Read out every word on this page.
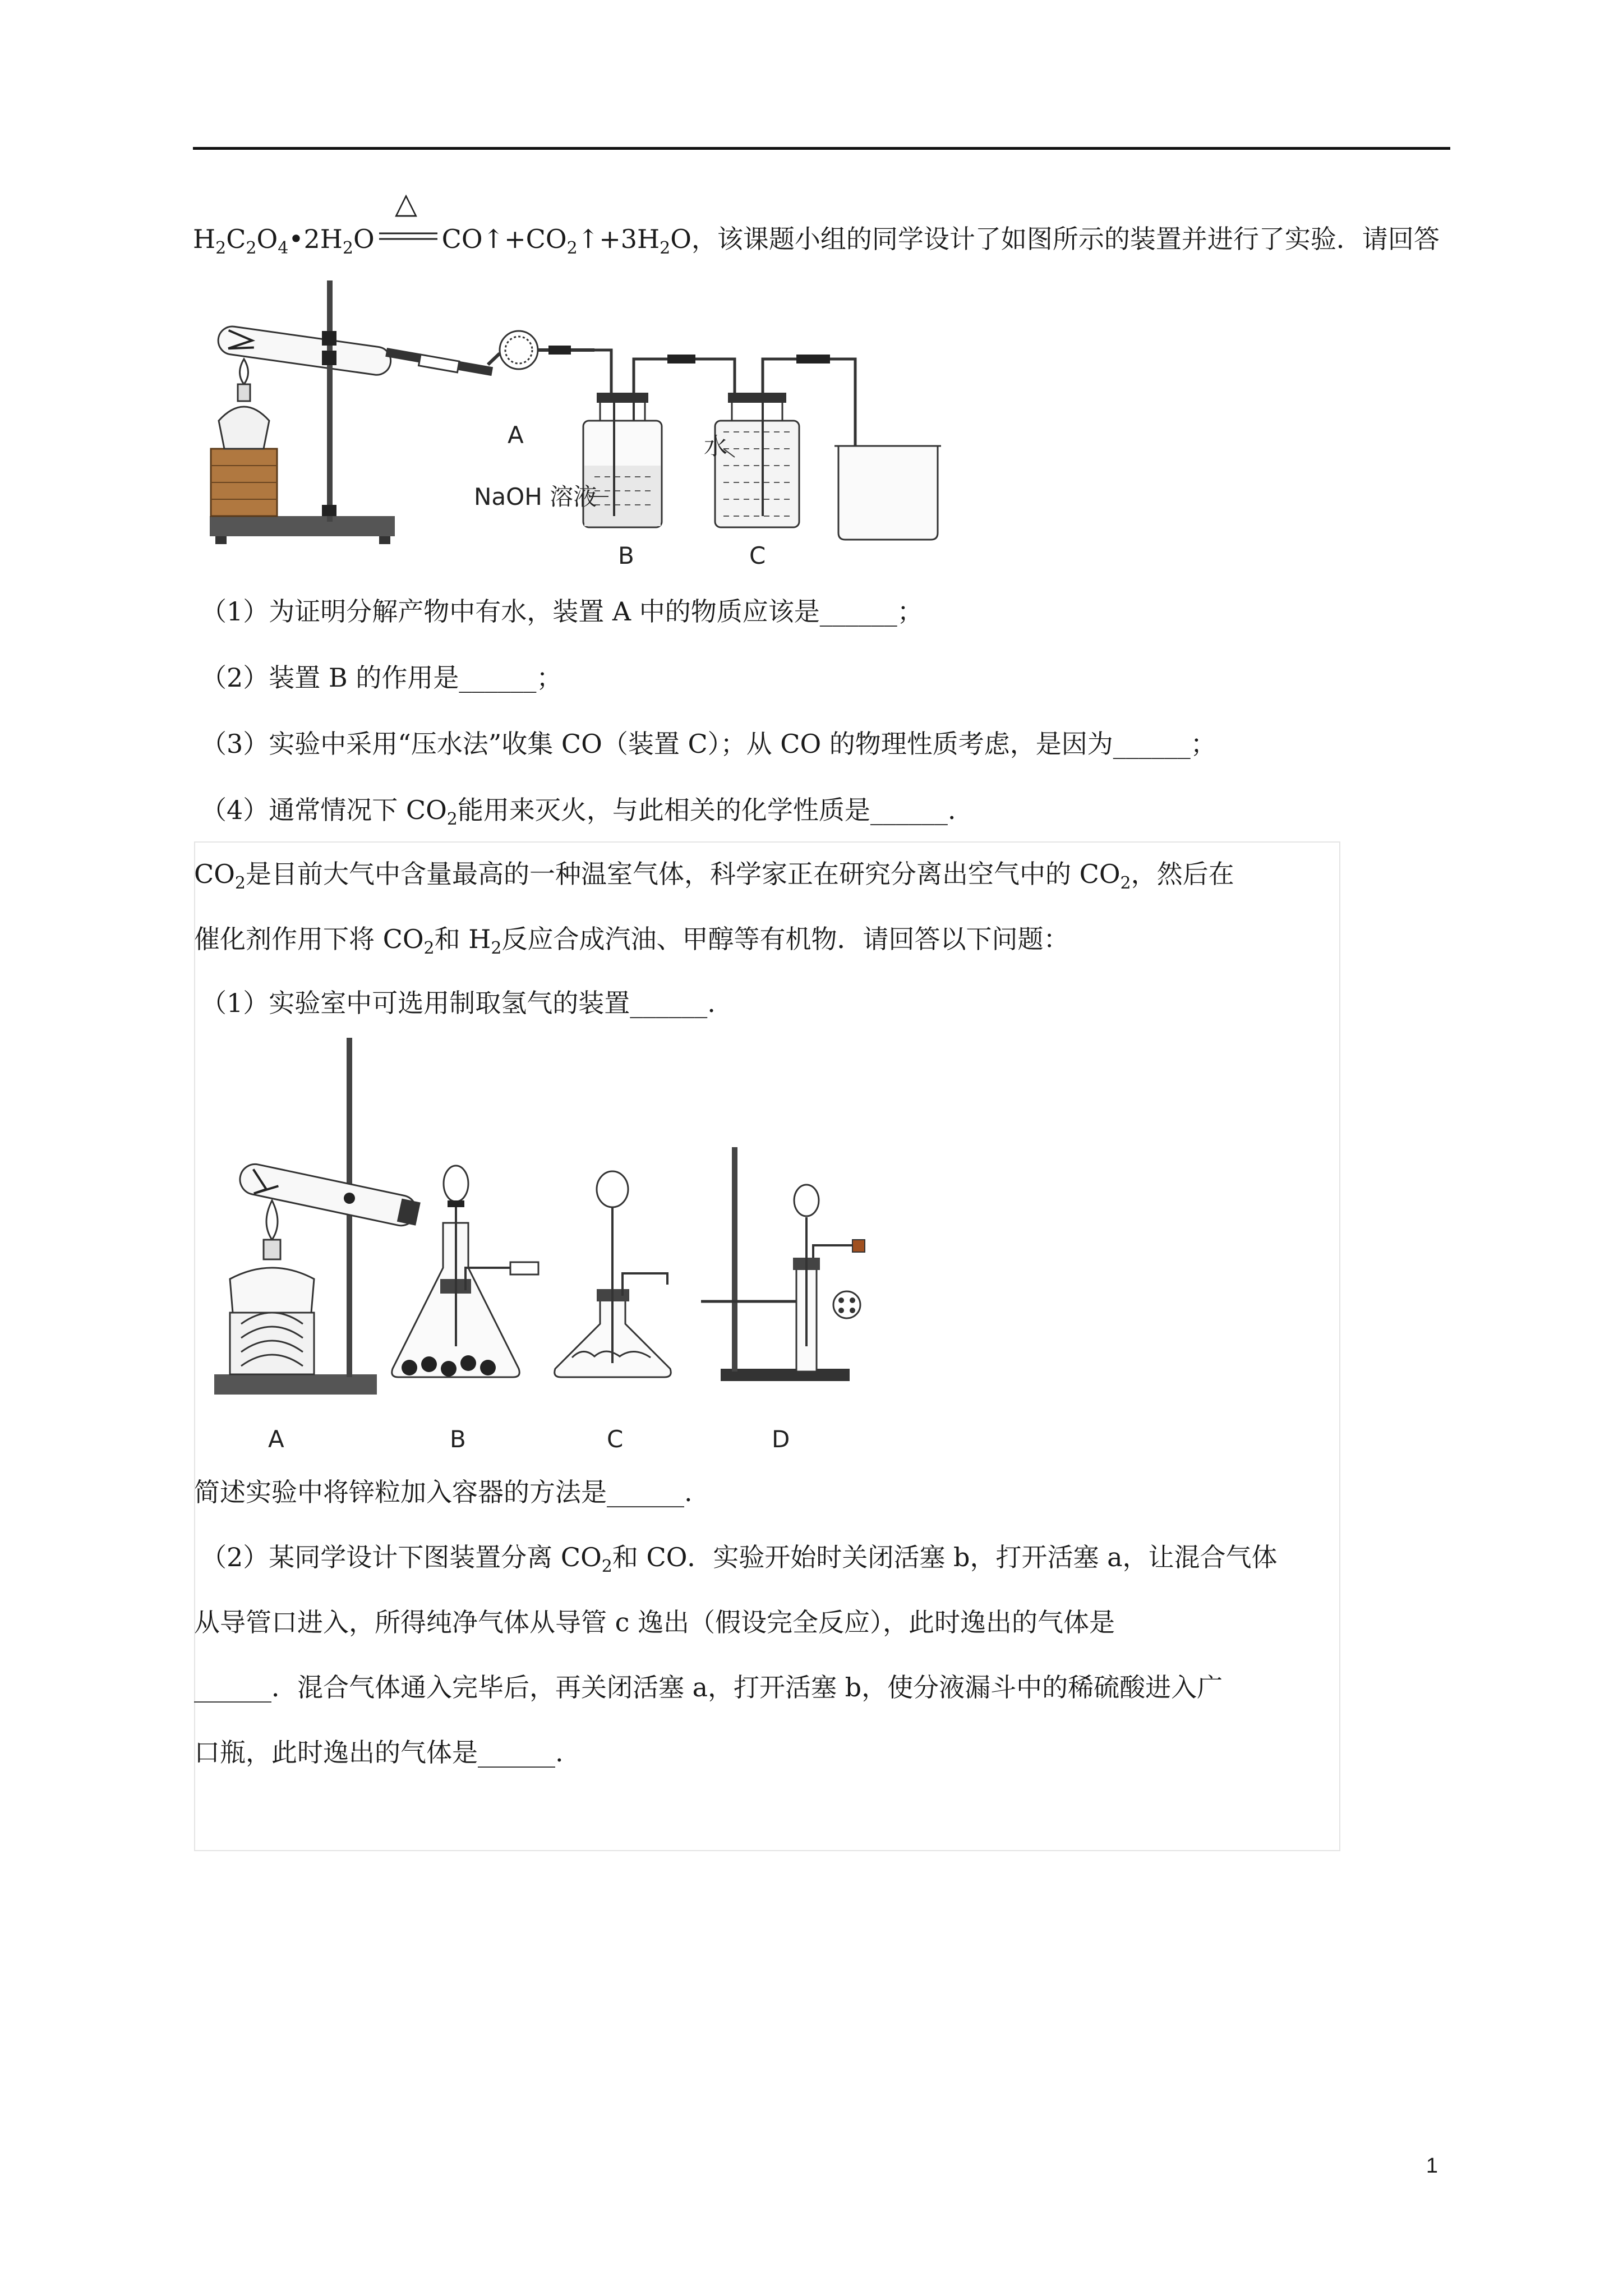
$H_2C_2O_4•2H_2O$
△
$CO↑+CO_2↑+3H_2O$，该课题小组的同学设计了如图所示的装置并进行了实验．请回答
A
NaOH 溶液
B
水
C
（1）为证明分解产物中有水，装置 A 中的物质应该是______；
（2）装置 B 的作用是______；
（3）实验中采用“压水法”收集 CO（装置 C）；从 CO 的物理性质考虑，是因为______；
（4）通常情况下 $CO_2$能用来灭火，与此相关的化学性质是______.
$CO_2$是目前大气中含量最高的一种温室气体，科学家正在研究分离出空气中的 $CO_2$，然后在
催化剂作用下将 $CO_2$和 $H_2$反应合成汽油、甲醇等有机物．请回答以下问题：
（1）实验室中可选用制取氢气的装置______.
A	B	C	D
简述实验中将锌粒加入容器的方法是______.
（2）某同学设计下图装置分离 $CO_2$和 CO．实验开始时关闭活塞 b，打开活塞 a，让混合气体
从导管口进入，所得纯净气体从导管 c 逸出（假设完全反应），此时逸出的气体是
______．混合气体通入完毕后，再关闭活塞 a，打开活塞 b，使分液漏斗中的稀硫酸进入广
口瓶，此时逸出的气体是______.
1
